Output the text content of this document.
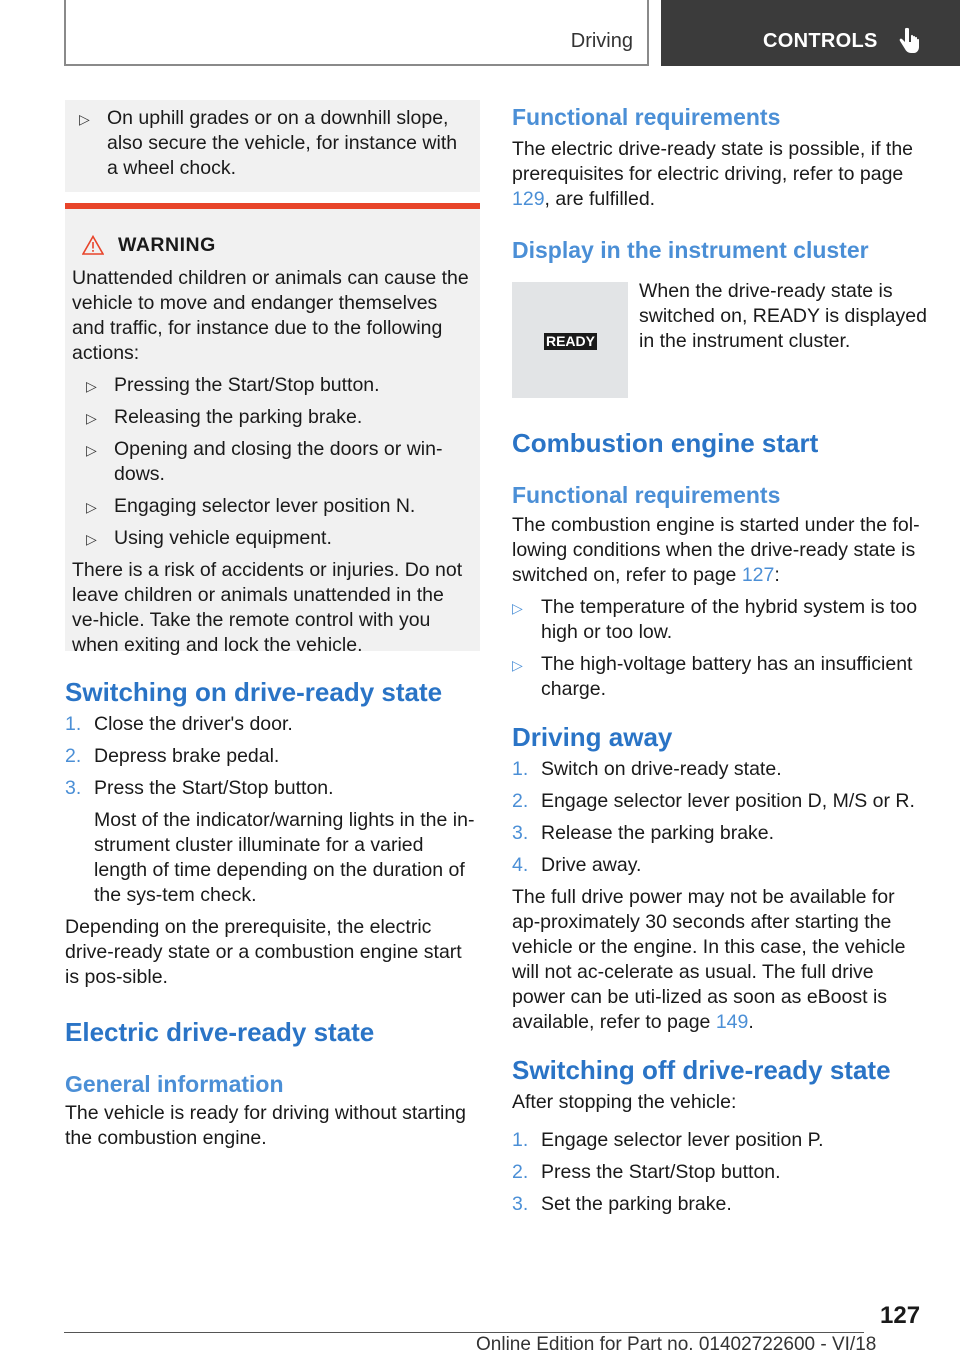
Driving	CONTROLS
▷ On uphill grades or on a downhill slope, also secure the vehicle, for instance with a wheel chock.
WARNING

Unattended children or animals can cause the vehicle to move and endanger themselves and traffic, for instance due to the following actions:

▷ Pressing the Start/Stop button.
▷ Releasing the parking brake.
▷ Opening and closing the doors or win‐dows.
▷ Engaging selector lever position N.
▷ Using vehicle equipment.

There is a risk of accidents or injuries. Do not leave children or animals unattended in the ve‐hicle. Take the remote control with you when exiting and lock the vehicle.

Switching on drive-ready state
1. Close the driver's door.
2. Depress brake pedal.
3. Press the Start/Stop button.

Most of the indicator/warning lights in the in‐strument cluster illuminate for a varied length of time depending on the duration of the sys‐tem check.

Depending on the prerequisite, the electric drive-ready state or a combustion engine start is pos‐sible.

Electric drive-ready state
General information

The vehicle is ready for driving without starting the combustion engine.

Functional requirements

The electric drive-ready state is possible, if the prerequisites for electric driving, refer to page 129, are fulfilled.

Display in the instrument cluster
READY

When the drive-ready state is switched on, READY is displayed in the instrument cluster.

Combustion engine start
Functional requirements

The combustion engine is started under the fol‐lowing conditions when the drive-ready state is switched on, refer to page 127:

▷ The temperature of the hybrid system is too high or too low.
▷ The high-voltage battery has an insufficient charge.
Driving away
1. Switch on drive-ready state.
2. Engage selector lever position D, M/S or R.
3. Release the parking brake.
4. Drive away.

The full drive power may not be available for ap‐proximately 30 seconds after starting the vehicle or the engine. In this case, the vehicle will not ac‐celerate as usual. The full drive power can be uti‐lized as soon as eBoost is available, refer to page 149.

Switching off drive-ready state

After stopping the vehicle:

1. Engage selector lever position P.
2. Press the Start/Stop button.
3. Set the parking brake.
127
Online Edition for Part no. 01402722600 - VI/18
